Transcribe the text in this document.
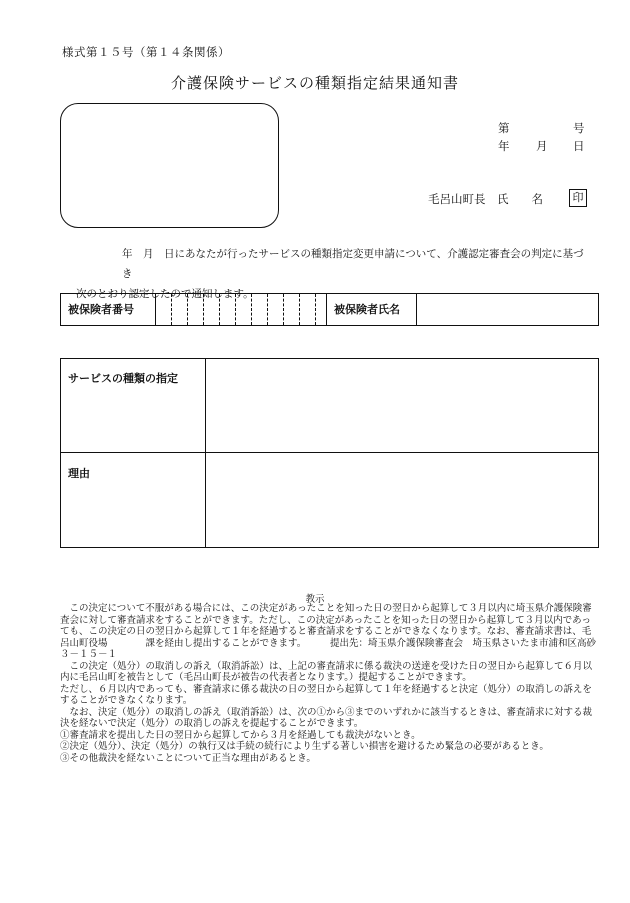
様式第１５号（第１４条関係）
介護保険サービスの種類指定結果通知書
第	号
年 月 日
毛呂山町長　氏　　名	印
年　月　日にあなたが行ったサービスの種類指定変更申請について、介護認定審査会の判定に基づき
次のとおり認定したので通知します。
被保険者番号	被保険者氏名
サービスの種類の指定
理由
教示

この決定について不服がある場合には、この決定があったことを知った日の翌日から起算して３月以内に埼玉県介護保険審査会に対して審査請求をすることができます。ただし、この決定があったことを知った日の翌日から起算して３月以内であっても、この決定の日の翌日から起算して１年を経過すると審査請求をすることができなくなります。なお、審査請求書は、毛呂山町役場　　　　課を経由し提出することができます。　　　提出先：埼玉県介護保険審査会　埼玉県さいたま市浦和区高砂３－１５－１

この決定（処分）の取消しの訴え（取消訴訟）は、上記の審査請求に係る裁決の送達を受けた日の翌日から起算して６月以内に毛呂山町を被告として（毛呂山町長が被告の代表者となります。）提起することができます。

ただし、６月以内であっても、審査請求に係る裁決の日の翌日から起算して１年を経過すると決定（処分）の取消しの訴えをすることができなくなります。

なお、決定（処分）の取消しの訴え（取消訴訟）は、次の①から③までのいずれかに該当するときは、審査請求に対する裁決を経ないで決定（処分）の取消しの訴えを提起することができます。

①審査請求を提出した日の翌日から起算してから３月を経過しても裁決がないとき。

②決定（処分）、決定（処分）の執行又は手続の続行により生ずる著しい損害を避けるため緊急の必要があるとき。

③その他裁決を経ないことについて正当な理由があるとき。
